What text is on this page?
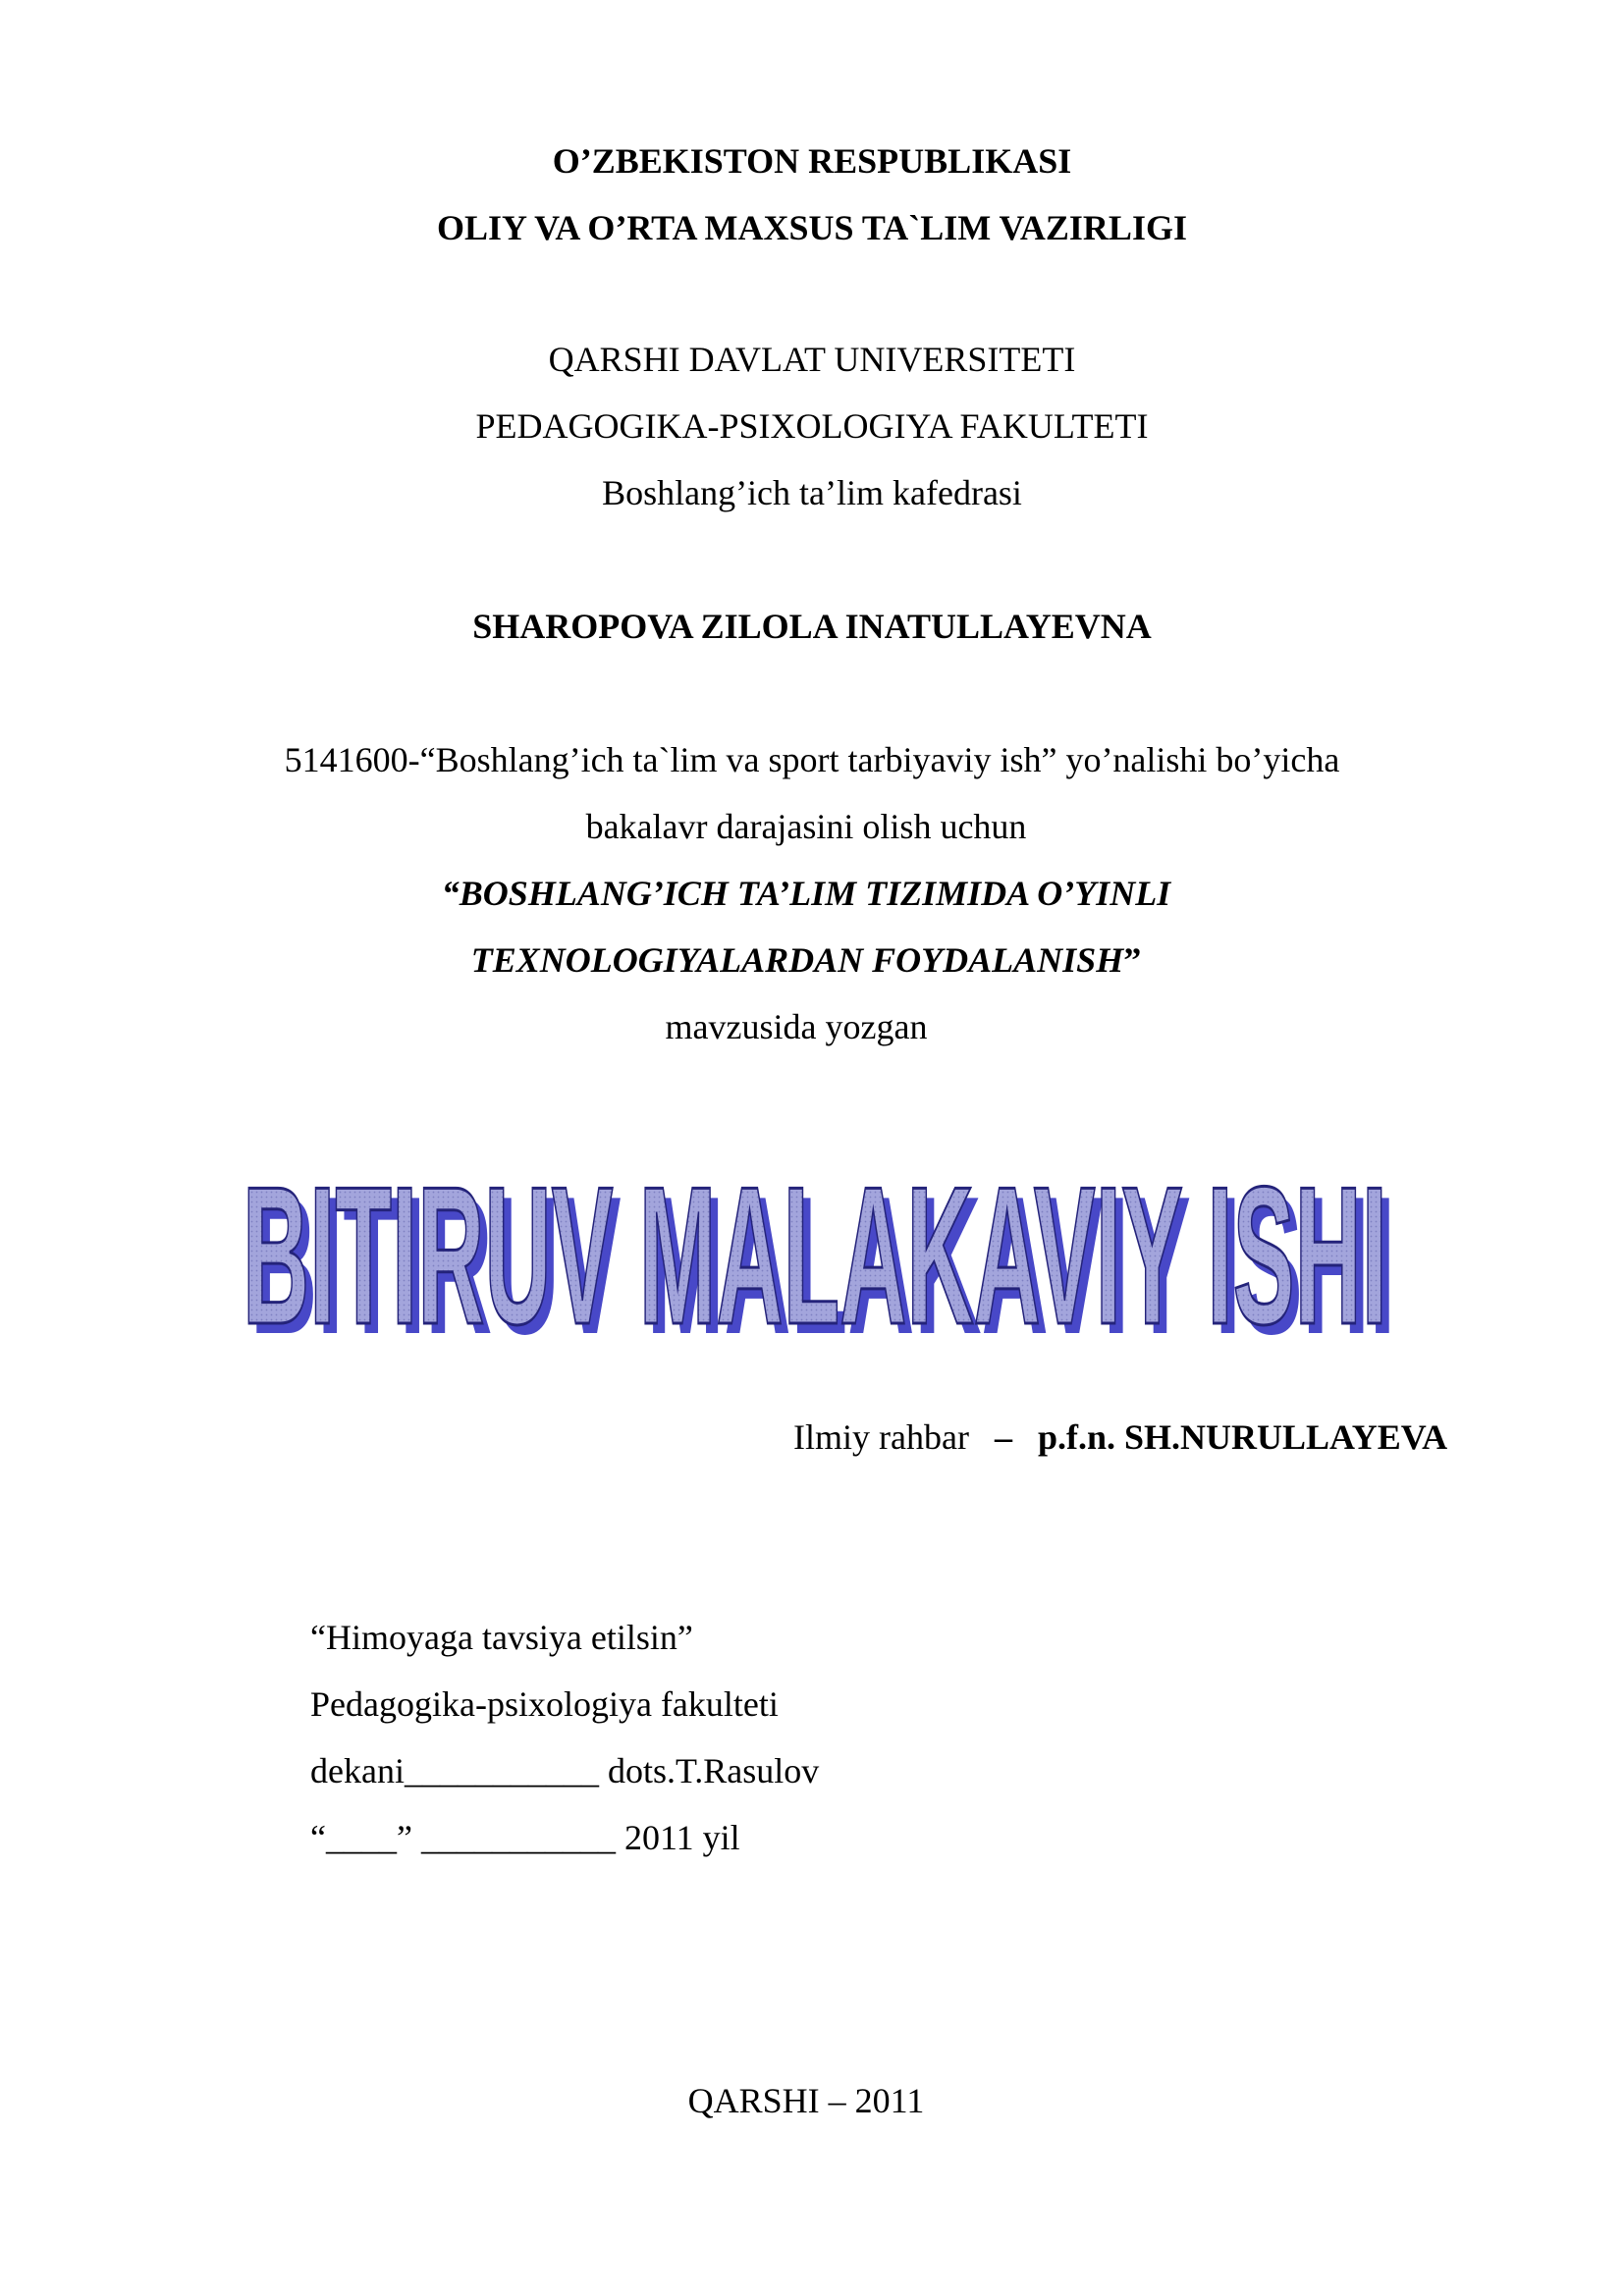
O’ZBEKISTON RESPUBLIKASI
OLIY VA O’RTA MAXSUS TA`LIM VAZIRLIGI
QARSHI DAVLAT UNIVERSITETI
PEDAGOGIKA-PSIXOLOGIYA FAKULTETI
Boshlang’ich ta’lim kafedrasi
SHAROPOVA ZILOLA INATULLAYEVNA
5141600-“Boshlang’ich ta`lim va sport tarbiyaviy ish” yo’nalishi bo’yicha
bakalavr darajasini olish uchun
“BOSHLANG’ICH TA’LIM TIZIMIDA O’YINLI
TEXNOLOGIYALARDAN FOYDALANISH”
mavzusida yozgan
BITIRUV MALAKAVIY ISHI
BITIRUV MALAKAVIY ISHI
Ilmiy rahbar – p.f.n. SH.NURULLAYEVA
“Himoyaga tavsiya etilsin”
Pedagogika-psixologiya fakulteti
dekani___________ dots.T.Rasulov
“____” ___________ 2011 yil
QARSHI – 2011
